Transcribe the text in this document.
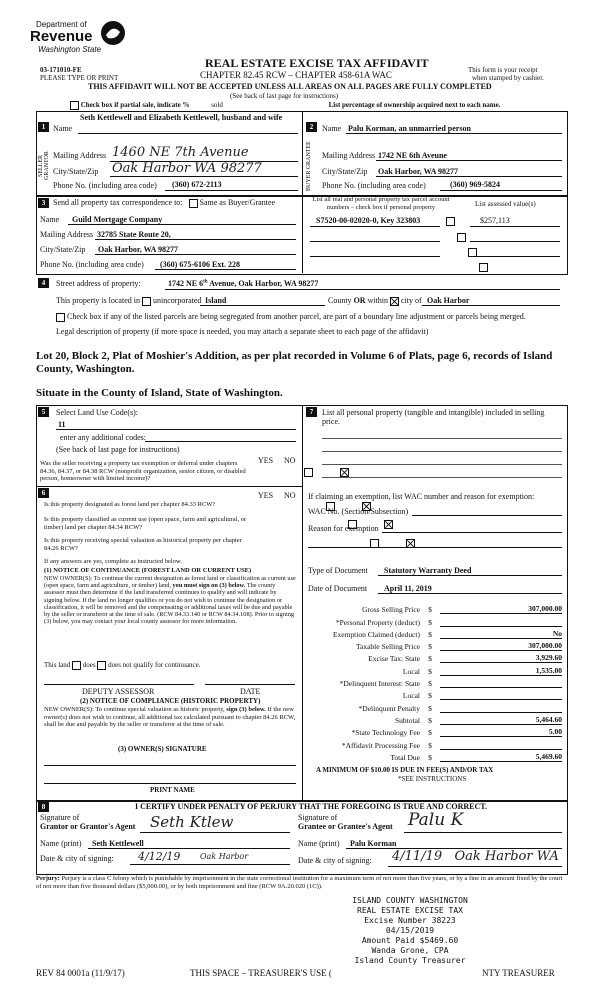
Department of
Revenue
Washington State
03-171010-FE
PLEASE TYPE OR PRINT
REAL ESTATE EXCISE TAX AFFIDAVIT
CHAPTER 82.45 RCW – CHAPTER 458-61A WAC	This form is your receipt
when stamped by cashier.
THIS AFFIDAVIT WILL NOT BE ACCEPTED UNLESS ALL AREAS ON ALL PAGES ARE FULLY COMPLETED
(See back of last page for instructions)
Check box if partial sale, indicate %	sold	List percentage of ownership acquired next to each name.
1
SELLER GRANTOR
Name
Seth Kettlewell and Elizabeth Kettlewell, husband and wife
Mailing Address 1460 NE 7th Avenue
City/State/Zip Oak Harbor WA 98277
Phone No. (including area code) (360) 672-2113
2
BUYER GRANTEE
Name Palu Korman, an unmarried person
Mailing Address 1742 NE 6th Aveune
City/State/Zip Oak Harbor, WA 98277
Phone No. (including area code)	(360) 969-5824
3 Send all property tax correspondence to: Same as Buyer/Grantee
Name Guild Mortgage Company
Mailing Address 32785 State Route 20,
City/State/Zip Oak Harbor, WA 98277
Phone No. (including area code) (360) 675-6106 Ext. 228
List all real and personal property tax parcel account numbers – check box if personal property	List assessed value(s)
S7520-00-02020-0, Key 323803
	$257,113

4	Street address of property:	1742 NE 6th Avenue, Oak Harbor, WA 98277
This property is located in unincorporated Island	County OR within city of Oak Harbor
Check box if any of the listed parcels are being segregated from another parcel, are part of a boundary line adjustment or parcels being merged.
Legal description of property (if more space is needed, you may attach a separate sheet to each page of the affidavit)
Lot 20, Block 2, Plat of Moshier's Addition, as per plat recorded in Volume 6 of Plats, page 6, records of Island County, Washington.
Situate in the County of Island, State of Washington.
5	Select Land Use Code(s):
11
enter any additional codes:
(See back of last page for instructions)
YES NO
Was the seller receiving a property tax exemption or deferral under chapters 84.36, 84.37, or 84.38 RCW (nonprofit organization, senior citizen, or disabled person, homeowner with limited income)?

6	YES NO
Is this property designated as forest land per chapter 84.33 RCW?

Is this property classified as current use (open space, farm and agricultural, or timber) land per chapter 84.34 RCW?

Is this property receiving special valuation as historical property per chapter 84.26 RCW?

If any answers are yes, complete as instructed below.
(1) NOTICE OF CONTINUANCE (FOREST LAND OR CURRENT USE)
NEW OWNER(S): To continue the current designation as forest land or classification as current use (open space, farm and agriculture, or timber) land, you must sign on (3) below. The county assessor must then determine if the land transferred continues to qualify and will indicate by signing below. If the land no longer qualifies or you do not wish to continue the designation or classification, it will be removed and the compensating or additional taxes will be due and payable by the seller or transferor at the time of sale. (RCW 84.33.140 or RCW 84.34.108). Prior to signing (3) below, you may contact your local county assessor for more information.
This land does does not qualify for continuance.
DEPUTY ASSESSOR	DATE
(2) NOTICE OF COMPLIANCE (HISTORIC PROPERTY)
NEW OWNER(S): To continue special valuation as historic property, sign (3) below. If the new owner(s) does not wish to continue, all additional tax calculated pursuant to chapter 84.26 RCW, shall be due and payable by the seller or transferor at the time of sale.
(3) OWNER(S) SIGNATURE
PRINT NAME
7	List all personal property (tangible and intangible) included in selling price.
If claiming an exemption, list WAC number and reason for exemption:
WAC No. (Section/Subsection)
Reason for exemption
Type of Document Statutory Warranty Deed
Date of Document April 11, 2019
Gross Selling Price	$	307,000.00
*Personal Property (deduct)	$
Exemption Claimed (deduct)	$	No
Taxable Selling Price	$	307,000.00
Excise Tax: State	$	3,929.60
Local	$	1,535.00
*Delinquent Interest: State	$
Local	$
*Delinquent Penalty	$
Subtotal	$	5,464.60
*State Technology Fee	$	5.00
*Affidavit Processing Fee	$
Total Due	$	5,469.60
A MINIMUM OF $10.00 IS DUE IN FEE(S) AND/OR TAX
*SEE INSTRUCTIONS
8	I CERTIFY UNDER PENALTY OF PERJURY THAT THE FOREGOING IS TRUE AND CORRECT.
Signature of
Grantor or Grantor's Agent Seth Ktlew	Signature of
Grantee or Grantee's Agent Palu K
Name (print) Seth Kettlewell	Name (print) Palu Korman
Date & city of signing: 4/12/19 Oak Harbor	Date & city of signing: 4/11/19   Oak Harbor WA
Perjury: Perjury is a class C felony which is punishable by imprisonment in the state correctional institution for a maximum term of not more than five years, or by a fine in an amount fixed by the court of not more than five thousand dollars ($5,000.00), or by both imprisonment and fine (RCW 9A.20.020 (1C)).
ISLAND COUNTY WASHINGTON
REAL ESTATE EXCISE TAX
Excise Number 38223
04/15/2019
Amount Paid $5469.60
Wanda Grone, CPA
Island County Treasurer
REV 84 0001a (11/9/17)	THIS SPACE – TREASURER'S USE (	NTY TREASURER
